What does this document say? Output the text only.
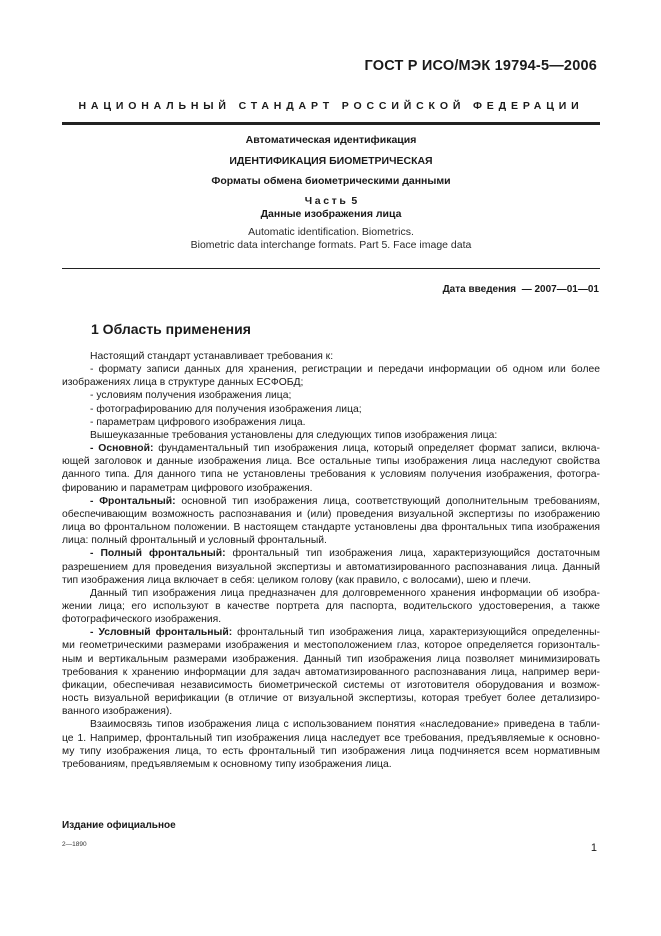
ГОСТ Р ИСО/МЭК 19794-5—2006
НАЦИОНАЛЬНЫЙ СТАНДАРТ РОССИЙСКОЙ ФЕДЕРАЦИИ
Автоматическая идентификация
ИДЕНТИФИКАЦИЯ БИОМЕТРИЧЕСКАЯ
Форматы обмена биометрическими данными
Часть 5
Данные изображения лица
Automatic identification. Biometrics.
Biometric data interchange formats. Part 5. Face image data
Дата введения — 2007—01—01
1 Область применения
Настоящий стандарт устанавливает требования к:
- формату записи данных для хранения, регистрации и передачи информации об одном или более
изображениях лица в структуре данных ЕСФОБД;
- условиям получения изображения лица;
- фотографированию для получения изображения лица;
- параметрам цифрового изображения лица.
Вышеуказанные требования установлены для следующих типов изображения лица:
- Основной: фундаментальный тип изображения лица, который определяет формат записи, включа-
ющей заголовок и данные изображения лица. Все остальные типы изображения лица наследуют свойства
данного типа. Для данного типа не установлены требования к условиям получения изображения, фотогра-
фированию и параметрам цифрового изображения.
- Фронтальный: основной тип изображения лица, соответствующий дополнительным требованиям,
обеспечивающим возможность распознавания и (или) проведения визуальной экспертизы по изображению
лица во фронтальном положении. В настоящем стандарте установлены два фронтальных типа изображения
лица: полный фронтальный и условный фронтальный.
- Полный фронтальный: фронтальный тип изображения лица, характеризующийся достаточным
разрешением для проведения визуальной экспертизы и автоматизированного распознавания лица. Данный
тип изображения лица включает в себя: целиком голову (как правило, с волосами), шею и плечи.
Данный тип изображения лица предназначен для долговременного хранения информации об изобра-
жении лица; его используют в качестве портрета для паспорта, водительского удостоверения, а также
фотографического изображения.
- Условный фронтальный: фронтальный тип изображения лица, характеризующийся определенны-
ми геометрическими размерами изображения и местоположением глаз, которое определяется горизонталь-
ным и вертикальным размерами изображения. Данный тип изображения лица позволяет минимизировать
требования к хранению информации для задач автоматизированного распознавания лица, например вери-
фикации, обеспечивая независимость биометрической системы от изготовителя оборудования и возмож-
ность визуальной верификации (в отличие от визуальной экспертизы, которая требует более детализиро-
ванного изображения).
Взаимосвязь типов изображения лица с использованием понятия «наследование» приведена в табли-
це 1. Например, фронтальный тип изображения лица наследует все требования, предъявляемые к основно-
му типу изображения лица, то есть фронтальный тип изображения лица подчиняется всем нормативным
требованиям, предъявляемым к основному типу изображения лица.
Издание официальное
2—1890	1
